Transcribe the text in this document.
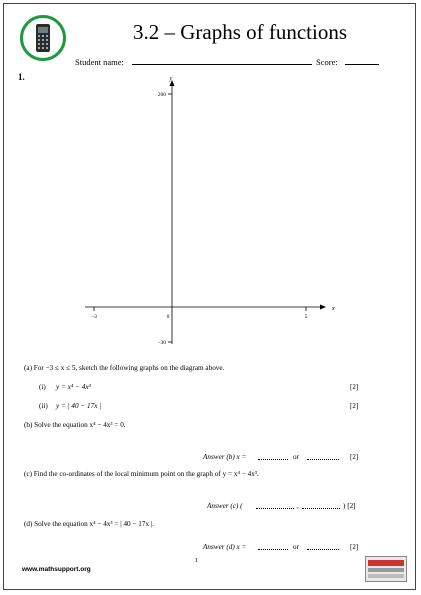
3.2 – Graphs of functions
Student name:	Score:
1.	y
x
200
−30
−3	0	5
(a) For −3 ≤ x ≤ 5, sketch the following graphs on the diagram above.
(i) y = x⁴ − 4x³	[2]
(ii) y = | 40 − 17x |	[2]
(b) Solve the equation x⁴ − 4x³ = 0.
Answer (b) x =	or	[2]
(c) Find the co-ordinates of the local minimum point on the graph of y = x⁴ − 4x³.
Answer (c) (	,	) [2]
(d) Solve the equation x⁴ − 4x³ = | 40 − 17x |.
Answer (d) x =	or	[2]
1
www.mathsupport.org
